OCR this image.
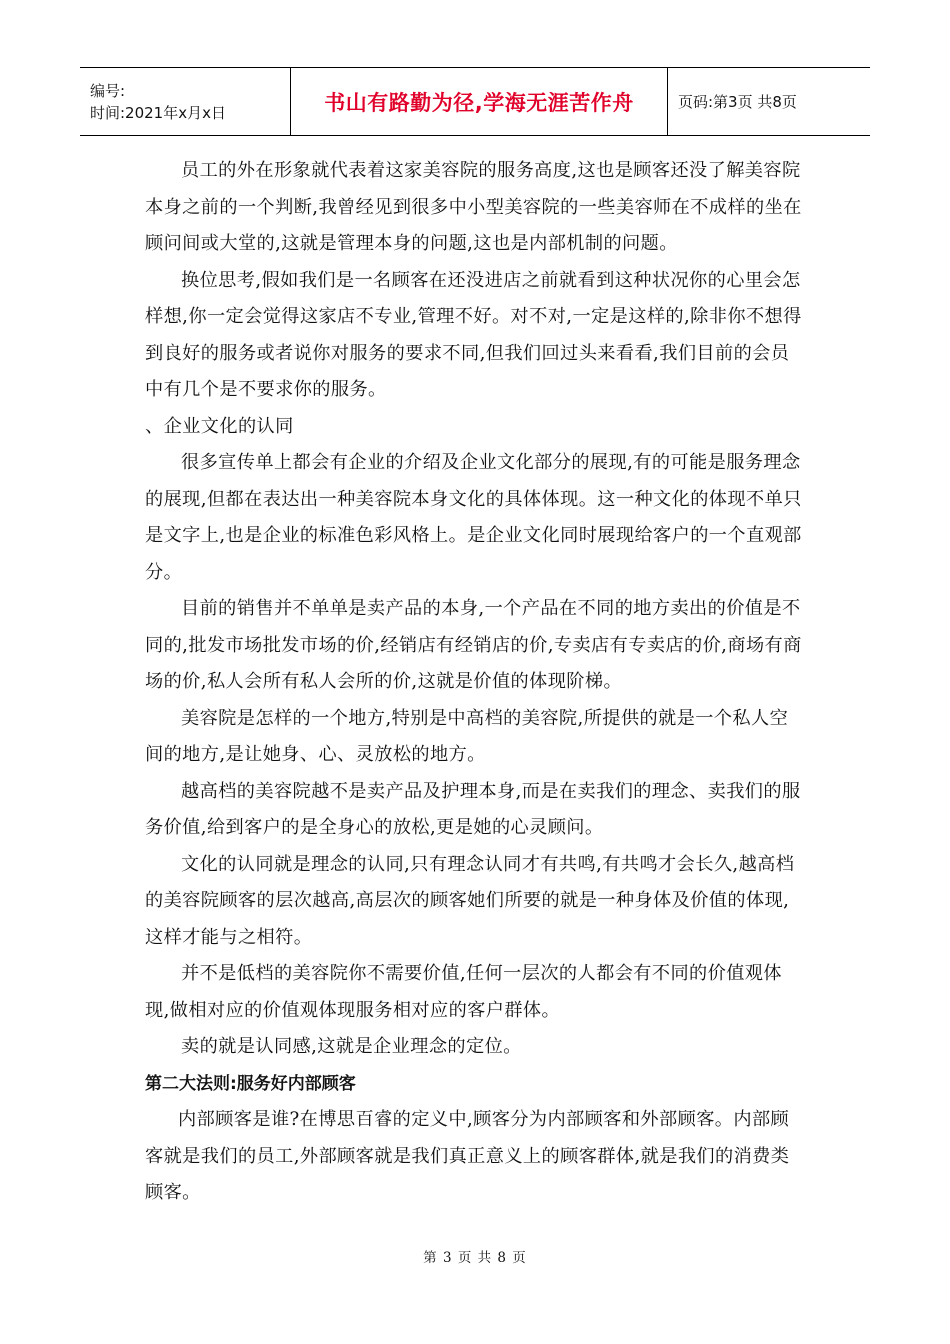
编号:
时间:2021年x月x日	书山有路勤为径,学海无涯苦作舟	页码:第3页 共8页

员工的外在形象就代表着这家美容院的服务高度,这也是顾客还没了解美容院本身之前的一个判断,我曾经见到很多中小型美容院的一些美容师在不成样的坐在顾问间或大堂的,这就是管理本身的问题,这也是内部机制的问题。

换位思考,假如我们是一名顾客在还没进店之前就看到这种状况你的心里会怎样想,你一定会觉得这家店不专业,管理不好。对不对,一定是这样的,除非你不想得到良好的服务或者说你对服务的要求不同,但我们回过头来看看,我们目前的会员中有几个是不要求你的服务。

、企业文化的认同

很多宣传单上都会有企业的介绍及企业文化部分的展现,有的可能是服务理念的展现,但都在表达出一种美容院本身文化的具体体现。这一种文化的体现不单只是文字上,也是企业的标准色彩风格上。是企业文化同时展现给客户的一个直观部分。

目前的销售并不单单是卖产品的本身,一个产品在不同的地方卖出的价值是不同的,批发市场批发市场的价,经销店有经销店的价,专卖店有专卖店的价,商场有商场的价,私人会所有私人会所的价,这就是价值的体现阶梯。

美容院是怎样的一个地方,特别是中高档的美容院,所提供的就是一个私人空间的地方,是让她身、心、灵放松的地方。

越高档的美容院越不是卖产品及护理本身,而是在卖我们的理念、卖我们的服务价值,给到客户的是全身心的放松,更是她的心灵顾问。

文化的认同就是理念的认同,只有理念认同才有共鸣,有共鸣才会长久,越高档的美容院顾客的层次越高,高层次的顾客她们所要的就是一种身体及价值的体现,这样才能与之相符。

并不是低档的美容院你不需要价值,任何一层次的人都会有不同的价值观体现,做相对应的价值观体现服务相对应的客户群体。

卖的就是认同感,这就是企业理念的定位。

第二大法则:服务好内部顾客

内部顾客是谁?在博思百睿的定义中,顾客分为内部顾客和外部顾客。内部顾客就是我们的员工,外部顾客就是我们真正意义上的顾客群体,就是我们的消费类顾客。

第 3 页 共 8 页
